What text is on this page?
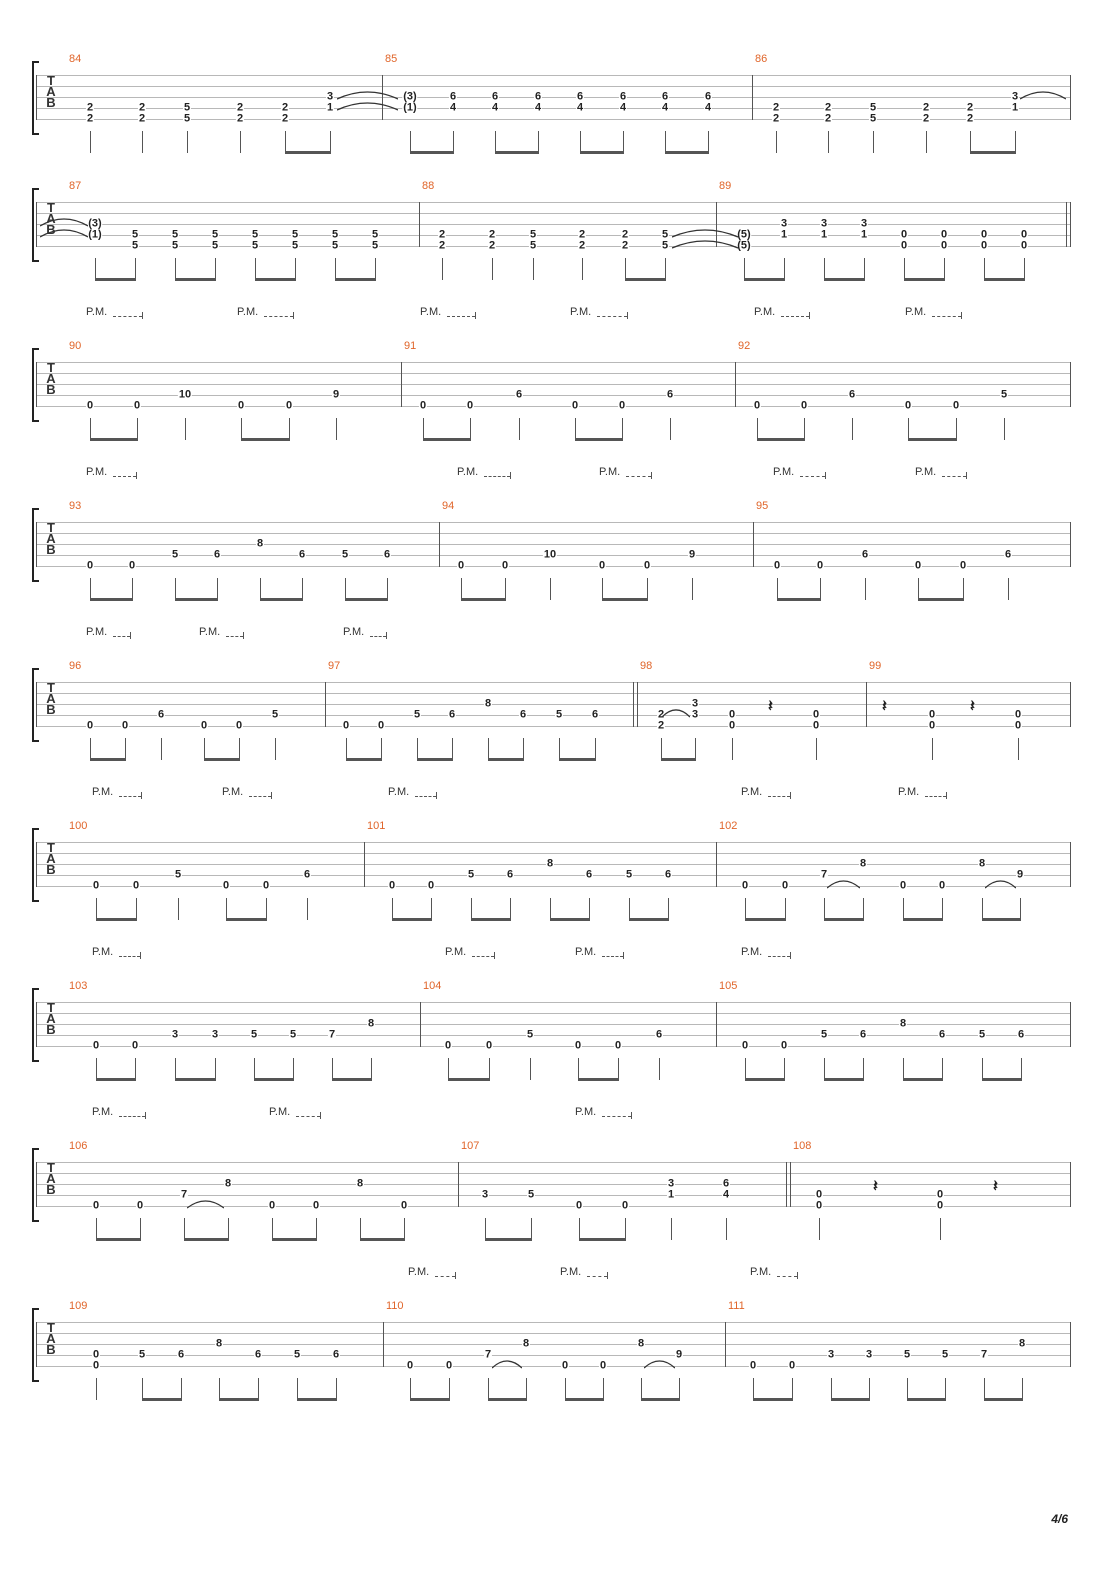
T
A
B
84
2
2
2
2
5
5
2
2
2
2
3
1
85
(3)
(1)
6
4
6
4
6
4
6
4
6
4
6
4
6
4
86
2
2
2
2
5
5
2
2
2
2
3
1
T
A
B
87
(3)
(1)	5
5
5
5
5
5
5
5
5
5
5
5
5
5
88
2
2
2
2
5
5
2
2
2
2
5
5
89
(5)
(5)
3
1
3
1
3
1	0
0
0
0
0
0
0
0
T
A
B
90
0	0
10
0	0
9
91
0	0
6
0	0
6
92
0	0
6
0	0
5
T
A
B
93
0	0
5	6
8
6	5	6
94
0	0
10
0	0
9
95
0	0
6
0	0
6
T
A
B
96
0	0
6
0	0
5
97
0	0
5	6
8
6	5	6
98
2
2
3
3	0
0
0
0
99
0
0
0
0
𝄽	𝄽	𝄽
T
A
B
100
0	0
5
0	0
6
101
0	0
5	6
8
6	5	6
102
0	0
7
8
0	0
8
9
T
A
B
103
0	0
3	3	5	5	7
8
104
0	0
5
0	0
6
105
0	0
5	6
8
6	5	6
T
A
B
106
0	0
7
8
0	0
8
0
107
3	5
0	0
3
1
6
4
108
0
0
0
0
𝄽	𝄽
T
A
B
109
0
0
5	6
8
6	5	6
110
0	0
7
8
0	0
8
9
111
0	0
3	3	5	5	7
8
P.M.	P.M.	P.M.	P.M.	P.M.	P.M.
P.M.	P.M.	P.M.	P.M.	P.M.
P.M.	P.M.	P.M.
P.M.	P.M.	P.M.	P.M.	P.M.
P.M.	P.M.	P.M.	P.M.
P.M.	P.M.	P.M.
P.M.	P.M.	P.M.
4/6
